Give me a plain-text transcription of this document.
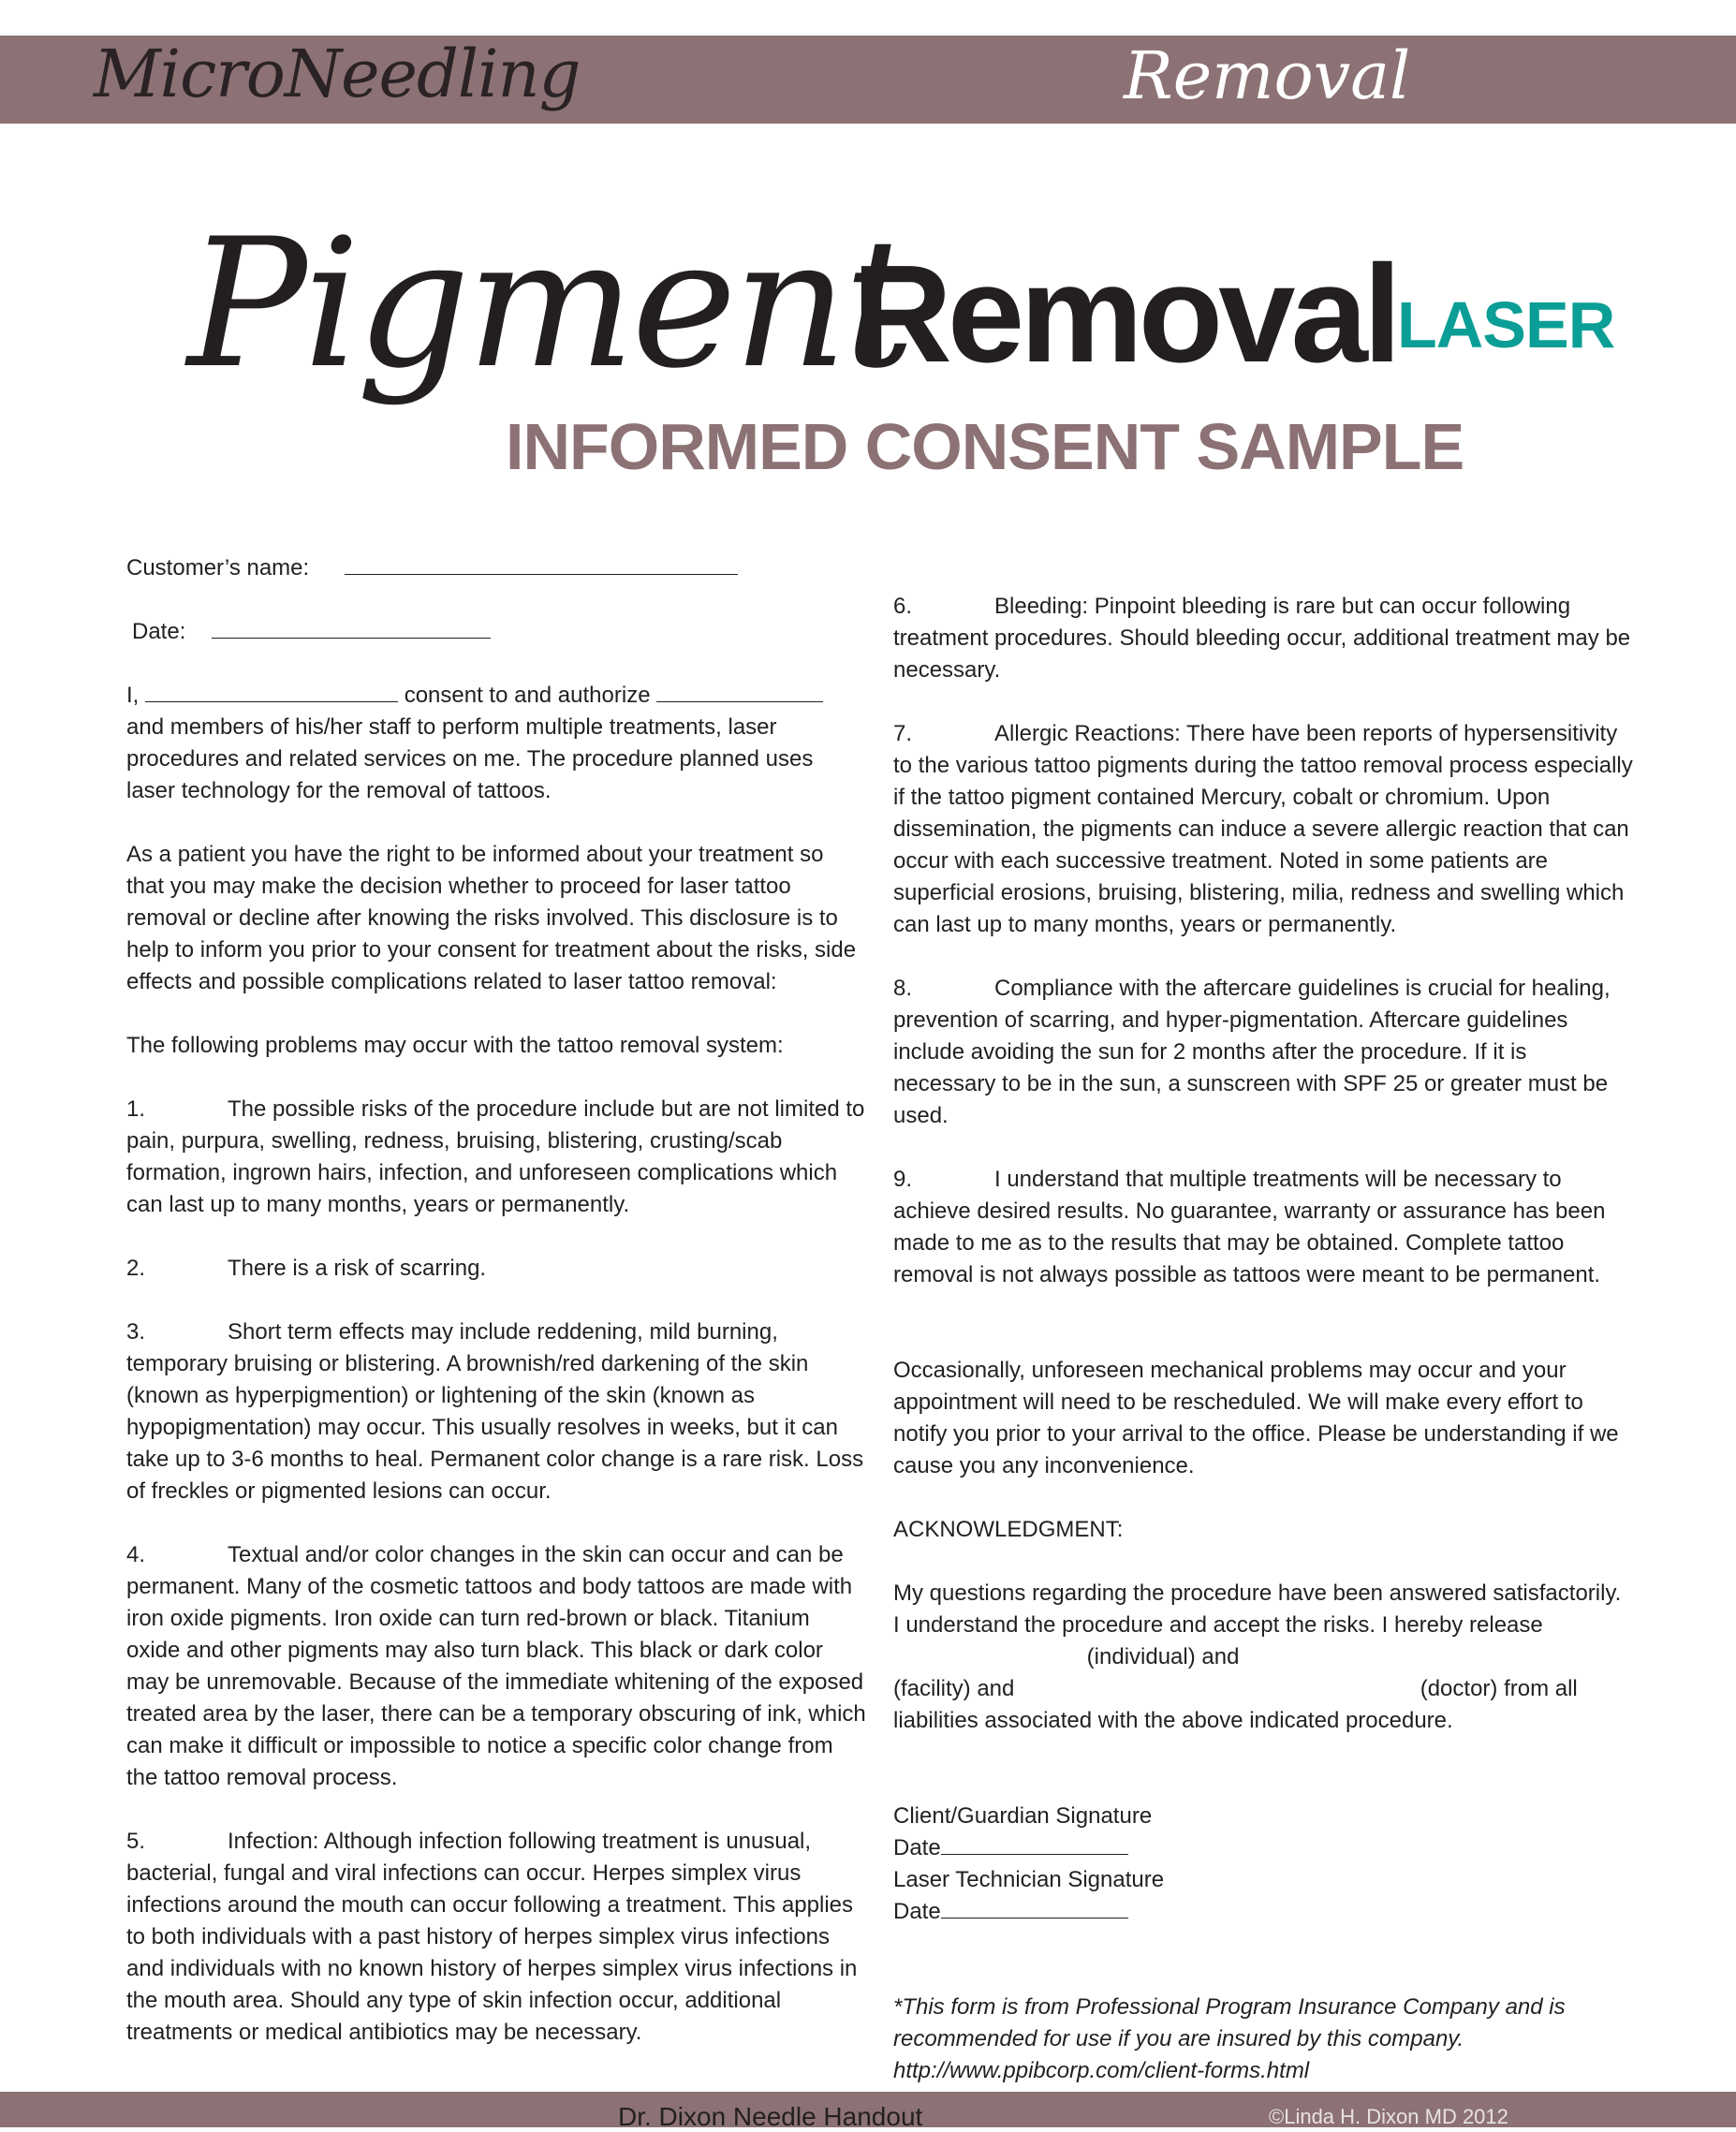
MicroNeedling	Removal
Pigment
Removal LASER
INFORMED CONSENT SAMPLE

Customer’s name:

Date:

I,	consent to and authorize  and members of his/her staff to perform multiple treatments, laser procedures and related services on me. The procedure planned uses laser technology for the removal of tattoos.

As a patient you have the right to be informed about your treatment so that you may make the decision whether to proceed for laser tattoo removal or decline after knowing the risks involved. This disclosure is to help to inform you prior to your consent for treatment about the risks, side effects and possible complications related to laser tattoo removal:

The following problems may occur with the tattoo removal system:

1.	The possible risks of the procedure include but are not limited to pain, purpura, swelling, redness, bruising, blistering, crusting/scab formation, ingrown hairs, infection, and unforeseen complications which can last up to many months, years or permanently.

2.	There is a risk of scarring.

3.	Short term effects may include reddening, mild burning, temporary bruising or blistering. A brownish/red darkening of the skin (known as hyperpigmention) or lightening of the skin (known as hypopigmentation) may occur. This usually resolves in weeks, but it can take up to 3-6 months to heal. Permanent color change is a rare risk. Loss of freckles or pigmented lesions can occur.

4.	Textual and/or color changes in the skin can occur and can be permanent. Many of the cosmetic tattoos and body tattoos are made with iron oxide pigments. Iron oxide can turn red-brown or black. Titanium oxide and other pigments may also turn black. This black or dark color may be unremovable. Because of the immediate whitening of the exposed treated area by the laser, there can be a temporary obscuring of ink, which can make it difficult or impossible to notice a specific color change from the tattoo removal process.

5.	Infection: Although infection following treatment is unusual, bacterial, fungal and viral infections can occur. Herpes simplex virus infections around the mouth can occur following a treatment. This applies to both individuals with a past history of herpes simplex virus infections and individuals with no known history of herpes simplex virus infections in the mouth area. Should any type of skin infection occur, additional treatments or medical antibiotics may be necessary.

6.	Bleeding: Pinpoint bleeding is rare but can occur following treatment procedures. Should bleeding occur, additional treatment may be necessary.

7.	Allergic Reactions: There have been reports of hypersensitivity to the various tattoo pigments during the tattoo removal process especially if the tattoo pigment contained Mercury, cobalt or chromium. Upon dissemination, the pigments can induce a severe allergic reaction that can occur with each successive treatment. Noted in some patients are superficial erosions, bruising, blistering, milia, redness and swelling which can last up to many months, years or permanently.

8.	Compliance with the aftercare guidelines is crucial for healing, prevention of scarring, and hyper-pigmentation. Aftercare guidelines include avoiding the sun for 2 months after the procedure. If it is necessary to be in the sun, a sunscreen with SPF 25 or greater must be used.

9.	I understand that multiple treatments will be necessary to achieve desired results. No guarantee, warranty or assurance has been made to me as to the results that may be obtained. Complete tattoo removal is not always possible as tattoos were meant to be permanent.

Occasionally, unforeseen mechanical problems may occur and your appointment will need to be rescheduled. We will make every effort to notify you prior to your arrival to the office. Please be understanding if we cause you any inconvenience.

ACKNOWLEDGMENT:

My questions regarding the procedure have been answered satisfactorily. I understand the procedure and accept the risks. I hereby release

(individual) and

(facility) and	(doctor) from all liabilities associated with the above indicated procedure.

Client/Guardian Signature

Date

Laser Technician Signature

Date

*This form is from Professional Program Insurance Company and is recommended for use if you are insured by this company. http://www.ppibcorp.com/client-forms.html

Dr. Dixon Needle Handout	©Linda H. Dixon MD 2012
